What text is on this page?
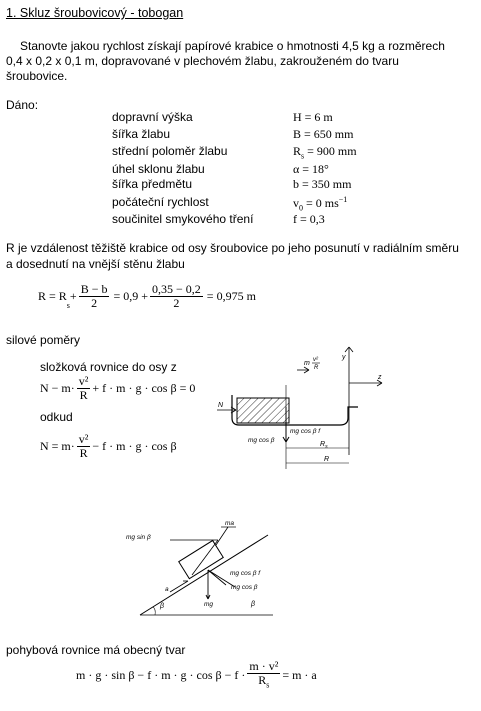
1. Skluz šroubovicový - tobogan
Stanovte jakou rychlost získají papírové krabice o hmotnosti 4,5 kg a rozměrech
0,4 x 0,2 x 0,1 m, dopravované v plechovém žlabu, zakrouženém do tvaru
šroubovice.
Dáno:
dopravní výška	H = 6 m
šířka žlabu	B = 650 mm
střední poloměr žlabu	$R_s = 900$ mm
úhel sklonu žlabu	α = 18°
šířka předmětu	b = 350 mm
počáteční rychlost	$v_0 = 0$ $ms^{-1}$
součinitel smykového tření	f = 0,3
R je vzdálenost těžiště krabice od osy šroubovice po jeho posunutí v radiálním směru
a dosednutí na vnější stěnu žlabu
R = R
$_s$
+ $\frac{B - b}{2} = 0,9 + \frac{0,35 - 0,2}{2} = 0,975$ m
silové poměry
složková rovnice do osy z
$N - m\cdot \frac{\text{v²}}{R} + f \cdot m \cdot g \cdot \cos \beta = 0$
odkud
$N = m\cdot \frac{\text{v²}}{R} - f \cdot m \cdot g \cdot \cos \beta$
y
z
m v²
R
N
mg cos β f
mg cos β
$R_s$
R
mg sin β
ma
a
mg cos β f
mg cos β
mg
β	β
pohybová rovnice má obecný tvar
$m \cdot g \cdot \sin \beta - f \cdot m \cdot g \cdot \cos \beta - f \cdot \frac{\text{m · v²}}{R_s} = m \cdot a$
